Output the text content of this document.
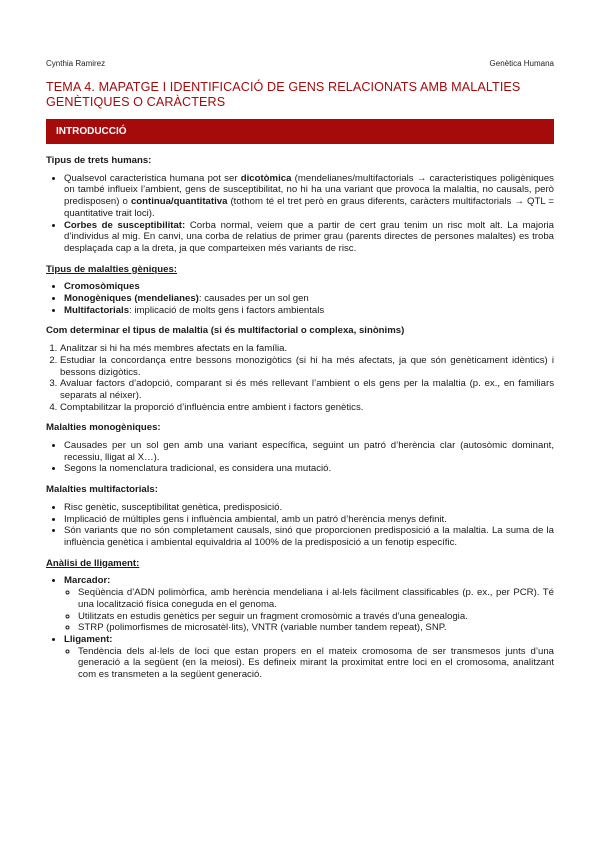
Cynthia Ramirez	Genètica Humana
TEMA 4. MAPATGE I IDENTIFICACIÓ DE GENS RELACIONATS AMB MALALTIES GENÈTIQUES O CARÀCTERS
INTRODUCCIÓ

Tipus de trets humans:

• Qualsevol caracteristica humana pot ser dicotòmica (mendelianes/multifactorials → caracteristiques poligèniques on també influeix l’ambient, gens de susceptibilitat, no hi ha una variant que provoca la malaltia, no causals, però predisposen) o continua/quantitativa (tothom té el tret però en graus diferents, caràcters multifactorials → QTL = quantitative trait loci).
• Corbes de susceptibilitat: Corba normal, veiem que a partir de cert grau tenim un risc molt alt. La majoria d’individus al mig. En canvi, una corba de relatius de primer grau (parents directes de persones malaltes) es troba desplaçada cap a la dreta, ja que comparteixen més variants de risc.

Tipus de malalties gèniques:

• Cromosòmiques
• Monogèniques (mendelianes): causades per un sol gen
• Multifactorials: implicació de molts gens i factors ambientals

Com determinar el tipus de malaltia (si és multifactorial o complexa, sinònims)

1. Analitzar si hi ha més membres afectats en la família.
2. Estudiar la concordança entre bessons monozigòtics (si hi ha més afectats, ja que són genèticament idèntics) i bessons dizigòtics.
3. Avaluar factors d’adopció, comparant si és més rellevant l’ambient o els gens per la malaltia (p. ex., en familiars separats al néixer).
4. Comptabilitzar la proporció d’influència entre ambient i factors genètics.

Malalties monogèniques:

• Causades per un sol gen amb una variant específica, seguint un patró d’herència clar (autosòmic dominant, recessiu, lligat al X…).
• Segons la nomenclatura tradicional, es considera una mutació.

Malalties multifactorials:

• Risc genètic, susceptibilitat genètica, predisposició.
• Implicació de múltiples gens i influència ambiental, amb un patró d’herència menys definit.
• Són variants que no són completament causals, sinó que proporcionen predisposició a la malaltia. La suma de la influència genètica i ambiental equivaldria al 100% de la predisposició a un fenotip específic.

Anàlisi de lligament:

• Marcador:
◦ Seqüència d’ADN polimòrfica, amb herència mendeliana i al·lels fàcilment classificables (p. ex., per PCR). Té una localització física coneguda en el genoma.
◦ Utilitzats en estudis genètics per seguir un fragment cromosòmic a través d’una genealogia.
◦ STRP (polimorfismes de microsatèl·lits), VNTR (variable number tandem repeat), SNP.
• Lligament:
◦ Tendència dels al·lels de loci que estan propers en el mateix cromosoma de ser transmesos junts d’una generació a la següent (en la meiosi). Es defineix mirant la proximitat entre loci en el cromosoma, analitzant com es transmeten a la següent generació.
